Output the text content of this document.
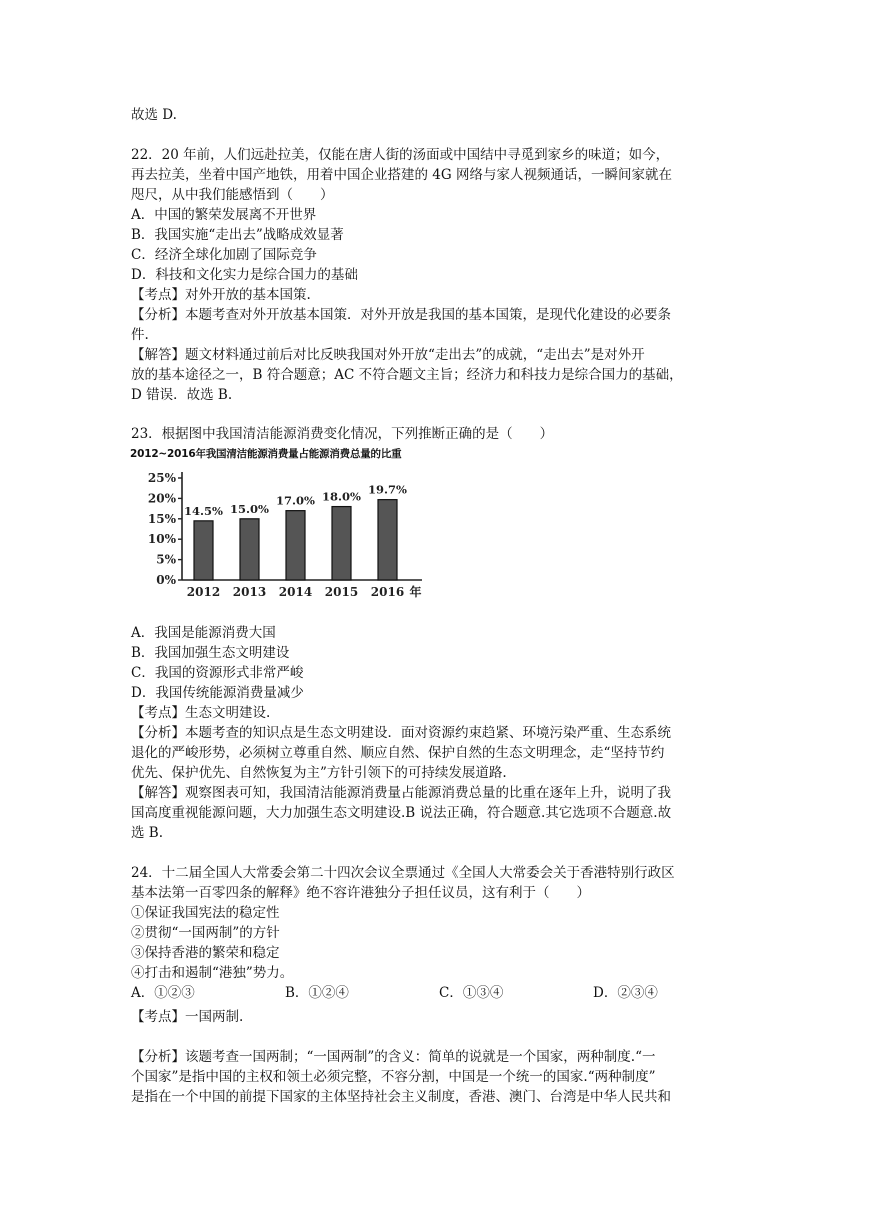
故选 D.
22．20 年前，人们远赴拉美，仅能在唐人街的汤面或中国结中寻觅到家乡的味道；如今，
再去拉美，坐着中国产地铁，用着中国企业搭建的 4G 网络与家人视频通话，一瞬间家就在
咫尺，从中我们能感悟到（　　）
A．中国的繁荣发展离不开世界
B．我国实施“走出去”战略成效显著
C．经济全球化加剧了国际竞争
D．科技和文化实力是综合国力的基础
【考点】对外开放的基本国策.
【分析】本题考查对外开放基本国策．对外开放是我国的基本国策，是现代化建设的必要条
件.
【解答】题文材料通过前后对比反映我国对外开放“走出去”的成就，“走出去”是对外开
放的基本途径之一，B 符合题意；AC 不符合题文主旨；经济力和科技力是综合国力的基础，
D 错误．故选 B.
23．根据图中我国清洁能源消费变化情况，下列推断正确的是（　　）
2012~2016年我国清洁能源消费量占能源消费总量的比重
0%
5%
10%
15%
20%
25%
14.5%
2012
15.0%
2013
17.0%
2014
18.0%
2015
19.7%
2016 年
A．我国是能源消费大国
B．我国加强生态文明建设
C．我国的资源形式非常严峻
D．我国传统能源消费量减少
【考点】生态文明建设.
【分析】本题考查的知识点是生态文明建设．面对资源约束趋紧、环境污染严重、生态系统
退化的严峻形势，必须树立尊重自然、顺应自然、保护自然的生态文明理念，走“坚持节约
优先、保护优先、自然恢复为主”方针引领下的可持续发展道路.
【解答】观察图表可知，我国清洁能源消费量占能源消费总量的比重在逐年上升，说明了我
国高度重视能源问题，大力加强生态文明建设.B 说法正确，符合题意.其它选项不合题意.故
选 B.
24．十二届全国人大常委会第二十四次会议全票通过《全国人大常委会关于香港特别行政区
基本法第一百零四条的解释》绝不容许港独分子担任议员，这有利于（　　）
①保证我国宪法的稳定性
②贯彻“一国两制”的方针
③保持香港的繁荣和稳定
④打击和遏制“港独”势力。
A．①②③	B．①②④	C．①③④	D．②③④
【考点】一国两制.
【分析】该题考查一国两制；“一国两制”的含义：简单的说就是一个国家，两种制度.“一
个国家”是指中国的主权和领土必须完整，不容分割，中国是一个统一的国家.“两种制度”
是指在一个中国的前提下国家的主体坚持社会主义制度，香港、澳门、台湾是中华人民共和
